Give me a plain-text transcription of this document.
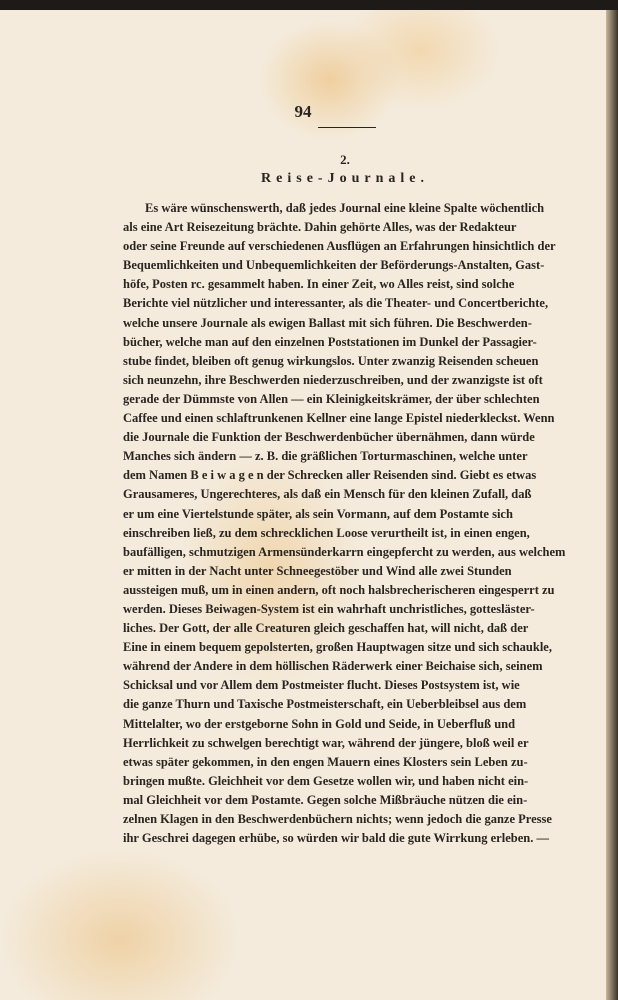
94
2.
Reise-Journale.
Es wäre wünschenswerth, daß jedes Journal eine kleine Spalte wöchentlich
als eine Art Reisezeitung brächte. Dahin gehörte Alles, was der Redakteur
oder seine Freunde auf verschiedenen Ausflügen an Erfahrungen hinsichtlich der
Bequemlichkeiten und Unbequemlichkeiten der Beförderungs-Anstalten, Gast-
höfe, Posten rc. gesammelt haben. In einer Zeit, wo Alles reist, sind solche
Berichte viel nützlicher und interessanter, als die Theater- und Concertberichte,
welche unsere Journale als ewigen Ballast mit sich führen. Die Beschwerden-
bücher, welche man auf den einzelnen Poststationen im Dunkel der Passagier-
stube findet, bleiben oft genug wirkungslos. Unter zwanzig Reisenden scheuen
sich neunzehn, ihre Beschwerden niederzuschreiben, und der zwanzigste ist oft
gerade der Dümmste von Allen — ein Kleinigkeitskrämer, der über schlechten
Caffee und einen schlaftrunkenen Kellner eine lange Epistel niederkleckst. Wenn
die Journale die Funktion der Beschwerdenbücher übernähmen, dann würde
Manches sich ändern — z. B. die gräßlichen Torturmaschinen, welche unter
dem Namen B e i w a g e n der Schrecken aller Reisenden sind. Giebt es etwas
Grausameres, Ungerechteres, als daß ein Mensch für den kleinen Zufall, daß
er um eine Viertelstunde später, als sein Vormann, auf dem Postamte sich
einschreiben ließ, zu dem schrecklichen Loose verurtheilt ist, in einen engen,
baufälligen, schmutzigen Armensünderkarrn eingepfercht zu werden, aus welchem
er mitten in der Nacht unter Schneegestöber und Wind alle zwei Stunden
aussteigen muß, um in einen andern, oft noch halsbrecherischeren eingesperrt zu
werden. Dieses Beiwagen-System ist ein wahrhaft unchristliches, gottesläster-
liches. Der Gott, der alle Creaturen gleich geschaffen hat, will nicht, daß der
Eine in einem bequem gepolsterten, großen Hauptwagen sitze und sich schaukle,
während der Andere in dem höllischen Räderwerk einer Beichaise sich, seinem
Schicksal und vor Allem dem Postmeister flucht. Dieses Postsystem ist, wie
die ganze Thurn und Taxische Postmeisterschaft, ein Ueberbleibsel aus dem
Mittelalter, wo der erstgeborne Sohn in Gold und Seide, in Ueberfluß und
Herrlichkeit zu schwelgen berechtigt war, während der jüngere, bloß weil er
etwas später gekommen, in den engen Mauern eines Klosters sein Leben zu-
bringen mußte. Gleichheit vor dem Gesetze wollen wir, und haben nicht ein-
mal Gleichheit vor dem Postamte. Gegen solche Mißbräuche nützen die ein-
zelnen Klagen in den Beschwerdenbüchern nichts; wenn jedoch die ganze Presse
ihr Geschrei dagegen erhübe, so würden wir bald die gute Wirrkung erleben. —
